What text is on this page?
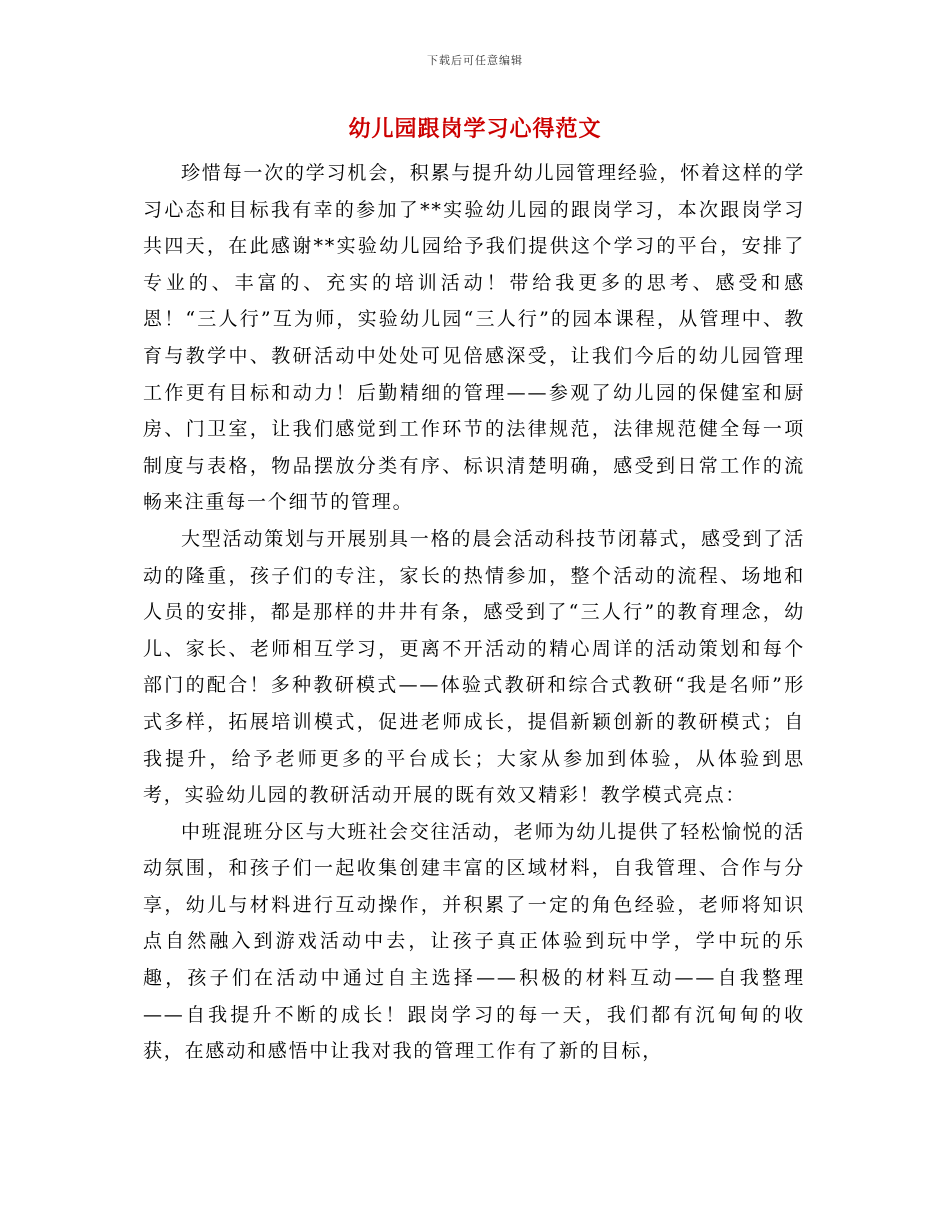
下载后可任意编辑
幼儿园跟岗学习心得范文

珍惜每一次的学习机会，积累与提升幼儿园管理经验，怀着这样的学习心态和目标我有幸的参加了**实验幼儿园的跟岗学习，本次跟岗学习共四天，在此感谢**实验幼儿园给予我们提供这个学习的平台，安排了专业的、丰富的、充实的培训活动！带给我更多的思考、感受和感恩！“三人行”互为师，实验幼儿园“三人行”的园本课程，从管理中、教育与教学中、教研活动中处处可见倍感深受，让我们今后的幼儿园管理工作更有目标和动力！后勤精细的管理——参观了幼儿园的保健室和厨房、门卫室，让我们感觉到工作环节的法律规范，法律规范健全每一项制度与表格，物品摆放分类有序、标识清楚明确，感受到日常工作的流畅来注重每一个细节的管理。

大型活动策划与开展别具一格的晨会活动科技节闭幕式，感受到了活动的隆重，孩子们的专注，家长的热情参加，整个活动的流程、场地和人员的安排，都是那样的井井有条，感受到了“三人行”的教育理念，幼儿、家长、老师相互学习，更离不开活动的精心周详的活动策划和每个部门的配合！多种教研模式——体验式教研和综合式教研“我是名师”形式多样，拓展培训模式，促进老师成长，提倡新颖创新的教研模式；自我提升，给予老师更多的平台成长；大家从参加到体验，从体验到思考，实验幼儿园的教研活动开展的既有效又精彩！教学模式亮点：

中班混班分区与大班社会交往活动，老师为幼儿提供了轻松愉悦的活动氛围，和孩子们一起收集创建丰富的区域材料，自我管理、合作与分享，幼儿与材料进行互动操作，并积累了一定的角色经验，老师将知识点自然融入到游戏活动中去，让孩子真正体验到玩中学，学中玩的乐趣，孩子们在活动中通过自主选择——积极的材料互动——自我整理——自我提升不断的成长！跟岗学习的每一天，我们都有沉甸甸的收获，在感动和感悟中让我对我的管理工作有了新的目标，
